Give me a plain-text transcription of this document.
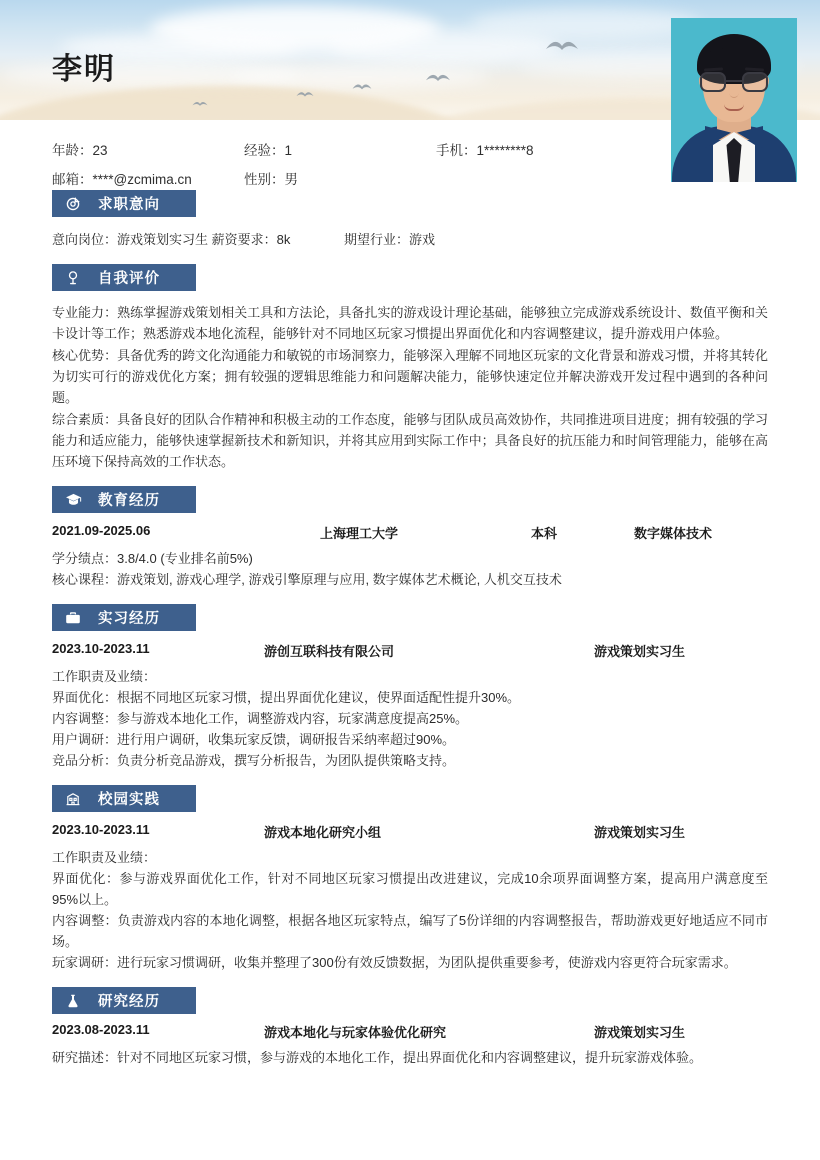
李明
年龄：23	经验：1	手机：1********8
邮箱：****@zcmima.cn	性别：男
求职意向
意向岗位：游戏策划实习生 薪资要求：8k	期望行业：游戏
自我评价
专业能力：熟练掌握游戏策划相关工具和方法论，具备扎实的游戏设计理论基础，能够独立完成游戏系统设计、数值平衡和关卡设计等工作；熟悉游戏本地化流程，能够针对不同地区玩家习惯提出界面优化和内容调整建议，提升游戏用户体验。
核心优势：具备优秀的跨文化沟通能力和敏锐的市场洞察力，能够深入理解不同地区玩家的文化背景和游戏习惯，并将其转化为切实可行的游戏优化方案；拥有较强的逻辑思维能力和问题解决能力，能够快速定位并解决游戏开发过程中遇到的各种问题。
综合素质：具备良好的团队合作精神和积极主动的工作态度，能够与团队成员高效协作，共同推进项目进度；拥有较强的学习能力和适应能力，能够快速掌握新技术和新知识，并将其应用到实际工作中；具备良好的抗压能力和时间管理能力，能够在高压环境下保持高效的工作状态。
教育经历
2021.09-2025.06	上海理工大学	本科	数字媒体技术
学分绩点：3.8/4.0 (专业排名前5%)
核心课程：游戏策划, 游戏心理学, 游戏引擎原理与应用, 数字媒体艺术概论, 人机交互技术
实习经历
2023.10-2023.11	游创互联科技有限公司	游戏策划实习生
工作职责及业绩：
界面优化：根据不同地区玩家习惯，提出界面优化建议，使界面适配性提升30%。
内容调整：参与游戏本地化工作，调整游戏内容，玩家满意度提高25%。
用户调研：进行用户调研，收集玩家反馈，调研报告采纳率超过90%。
竞品分析：负责分析竞品游戏，撰写分析报告，为团队提供策略支持。
校园实践
2023.10-2023.11	游戏本地化研究小组	游戏策划实习生
工作职责及业绩：
界面优化：参与游戏界面优化工作，针对不同地区玩家习惯提出改进建议，完成10余项界面调整方案，提高用户满意度至95%以上。
内容调整：负责游戏内容的本地化调整，根据各地区玩家特点，编写了5份详细的内容调整报告，帮助游戏更好地适应不同市场。
玩家调研：进行玩家习惯调研，收集并整理了300份有效反馈数据，为团队提供重要参考，使游戏内容更符合玩家需求。
研究经历
2023.08-2023.11	游戏本地化与玩家体验优化研究	游戏策划实习生
研究描述：针对不同地区玩家习惯，参与游戏的本地化工作，提出界面优化和内容调整建议，提升玩家游戏体验。
